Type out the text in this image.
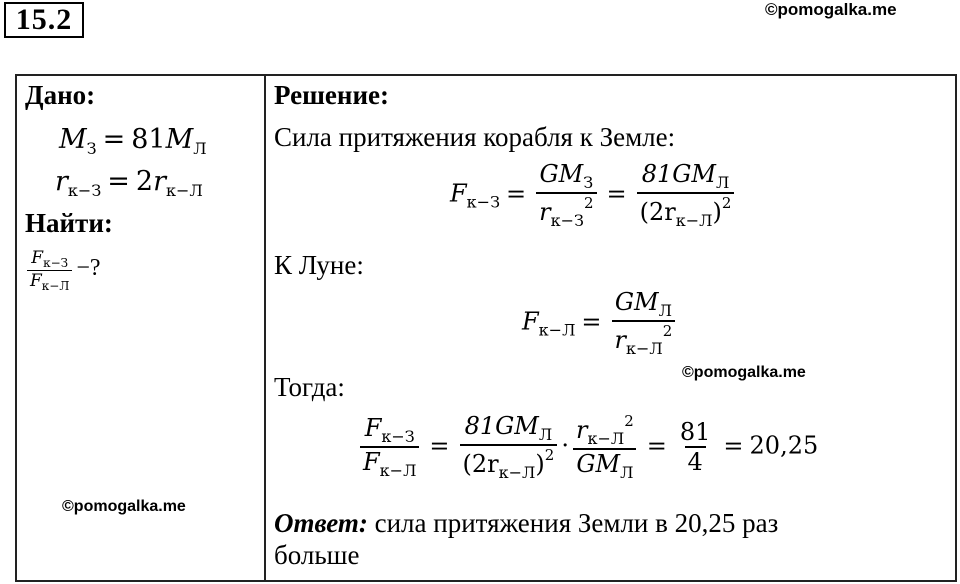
15.2	©pomogalka.me
Дано:
$M_З = 81M_Л$
$r_{к-З} = 2r_{к-Л}$
Найти:
$\frac{F_{к-З}}{F_{к-Л}}$ −?
Решение:
Сила притяжения корабля к Земле:
$F_{к-З} = \frac{GM_З}{r_{к-З}^2} = \frac{81GM_Л}{(2r_{к-Л})^2}$
К Луне:
$F_{к-Л} = \frac{GM_Л}{r_{к-Л}^2}$
Тогда:
$\frac{F_{к-З}}{F_{к-Л}} = \frac{81GM_Л}{(2r_{к-Л})^2} \cdot \frac{r_{к-Л}^2}{GM_Л} = \frac{81}{4} = 20,25$
Ответ: сила притяжения Земли в 20,25 раз
больше
©pomogalka.me
©pomogalka.me
